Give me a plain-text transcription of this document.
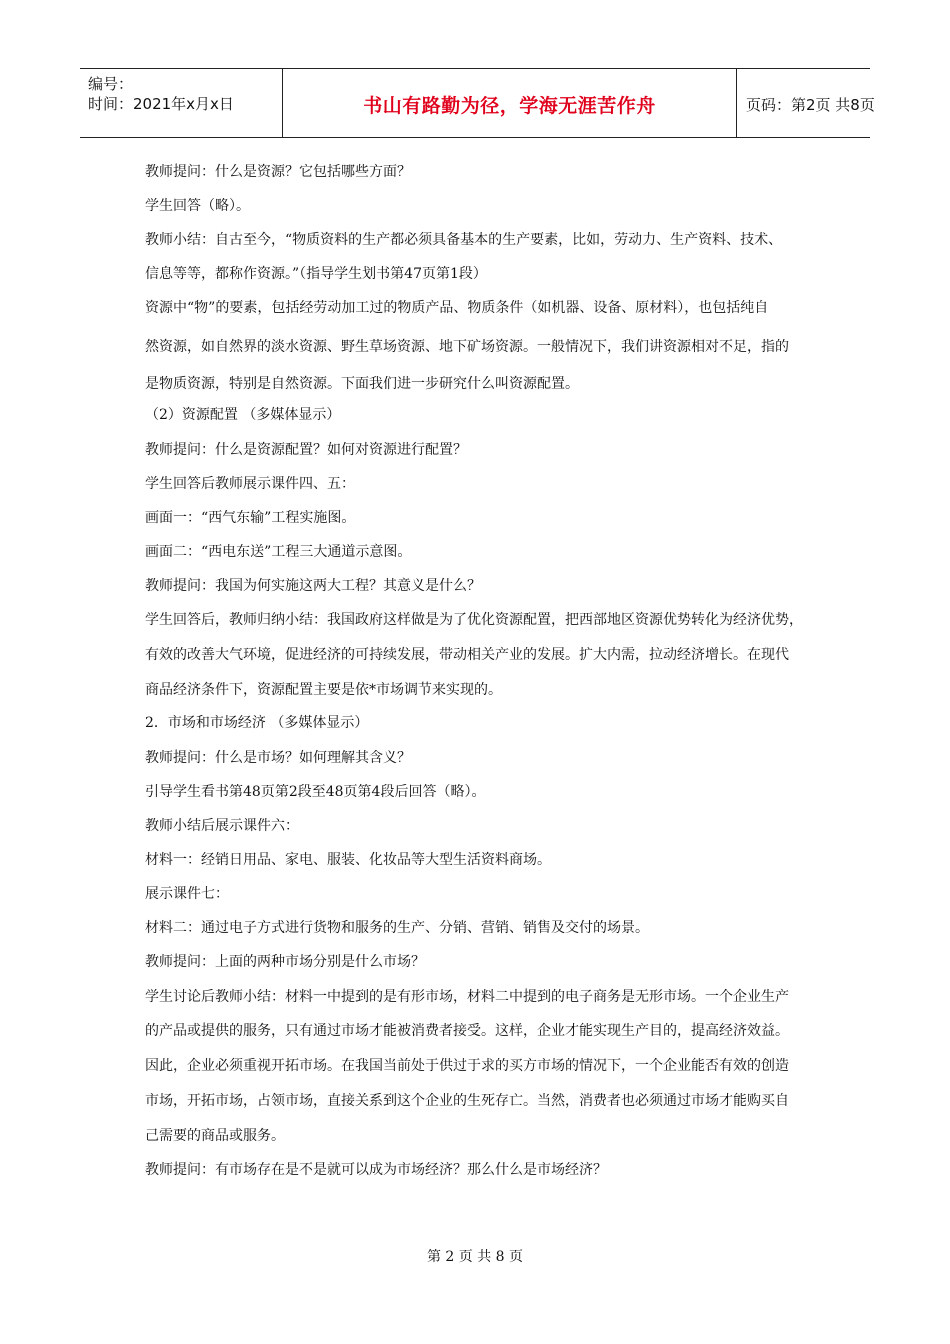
编号：
时间：2021年x月x日	书山有路勤为径，学海无涯苦作舟	页码：第2页 共8页
教师提问：什么是资源？它包括哪些方面？
学生回答（略）。
教师小结：自古至今，“物质资料的生产都必须具备基本的生产要素，比如，劳动力、生产资料、技术、
信息等等，都称作资源。”（指导学生划书第47页第1段）
资源中“物”的要素，包括经劳动加工过的物质产品、物质条件（如机器、设备、原材料），也包括纯自
然资源，如自然界的淡水资源、野生草场资源、地下矿场资源。一般情况下，我们讲资源相对不足，指的
是物质资源，特别是自然资源。下面我们进一步研究什么叫资源配置。
（2）资源配置 （多媒体显示）
教师提问：什么是资源配置？如何对资源进行配置？
学生回答后教师展示课件四、五：
画面一：“西气东输”工程实施图。
画面二：“西电东送”工程三大通道示意图。
教师提问：我国为何实施这两大工程？其意义是什么？
学生回答后，教师归纳小结：我国政府这样做是为了优化资源配置，把西部地区资源优势转化为经济优势，
有效的改善大气环境，促进经济的可持续发展，带动相关产业的发展。扩大内需，拉动经济增长。在现代
商品经济条件下，资源配置主要是依*市场调节来实现的。
2．市场和市场经济 （多媒体显示）
教师提问：什么是市场？如何理解其含义？
引导学生看书第48页第2段至48页第4段后回答（略）。
教师小结后展示课件六：
材料一：经销日用品、家电、服装、化妆品等大型生活资料商场。
展示课件七：
材料二：通过电子方式进行货物和服务的生产、分销、营销、销售及交付的场景。
教师提问：上面的两种市场分别是什么市场？
学生讨论后教师小结：材料一中提到的是有形市场，材料二中提到的电子商务是无形市场。一个企业生产
的产品或提供的服务，只有通过市场才能被消费者接受。这样，企业才能实现生产目的，提高经济效益。
因此，企业必须重视开拓市场。在我国当前处于供过于求的买方市场的情况下，一个企业能否有效的创造
市场，开拓市场，占领市场，直接关系到这个企业的生死存亡。当然，消费者也必须通过市场才能购买自
己需要的商品或服务。
教师提问：有市场存在是不是就可以成为市场经济？那么什么是市场经济？
第 2 页 共 8 页
